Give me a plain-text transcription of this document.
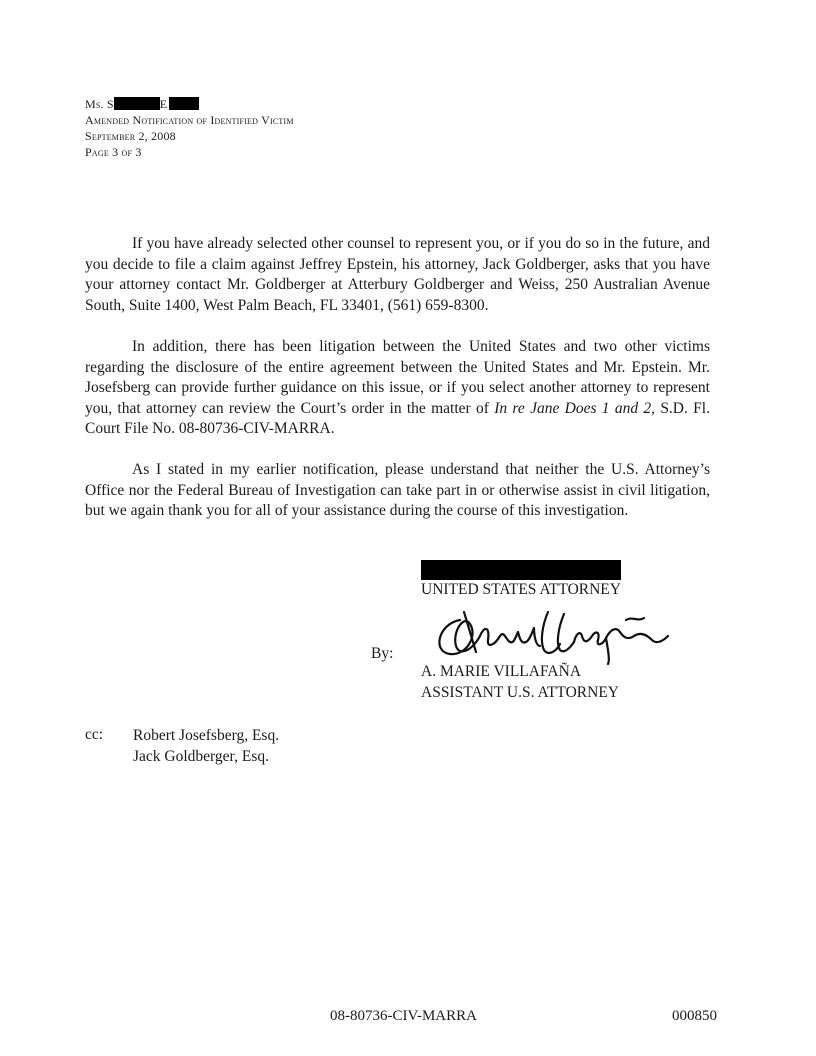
Ms. S	E
Amended Notification of Identified Victim
September 2, 2008
Page 3 of 3

If you have already selected other counsel to represent you, or if you do so in the future, and you decide to file a claim against Jeffrey Epstein, his attorney, Jack Goldberger, asks that you have your attorney contact Mr. Goldberger at Atterbury Goldberger and Weiss, 250 Australian Avenue South, Suite 1400, West Palm Beach, FL 33401, (561) 659-8300.

In addition, there has been litigation between the United States and two other victims regarding the disclosure of the entire agreement between the United States and Mr. Epstein. Mr. Josefsberg can provide further guidance on this issue, or if you select another attorney to represent you, that attorney can review the Court’s order in the matter of In re Jane Does 1 and 2, S.D. Fl. Court File No. 08-80736-CIV-MARRA.

As I stated in my earlier notification, please understand that neither the U.S. Attorney’s Office nor the Federal Bureau of Investigation can take part in or otherwise assist in civil litigation, but we again thank you for all of your assistance during the course of this investigation.

UNITED STATES ATTORNEY
By:
A. MARIE VILLAFAÑA
ASSISTANT U.S. ATTORNEY
cc: Robert Josefsberg, Esq.
Jack Goldberger, Esq.
08-80736-CIV-MARRA	000850
